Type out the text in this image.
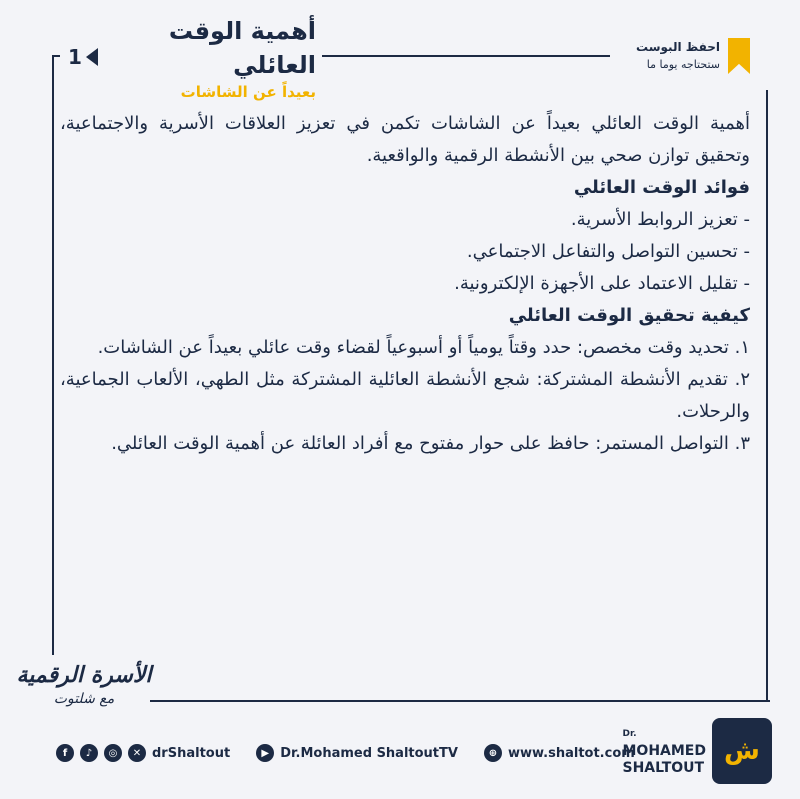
1
أهمية الوقت العائلي
بعيداً عن الشاشات
احفظ البوست
ستحتاجه يوما ما

أهمية الوقت العائلي بعيداً عن الشاشات تكمن في تعزيز العلاقات الأسرية والاجتماعية، وتحقيق توازن صحي بين الأنشطة الرقمية والواقعية.

فوائد الوقت العائلي

- تعزيز الروابط الأسرية.

- تحسين التواصل والتفاعل الاجتماعي.

- تقليل الاعتماد على الأجهزة الإلكترونية.

كيفية تحقيق الوقت العائلي

١. تحديد وقت مخصص: حدد وقتاً يومياً أو أسبوعياً لقضاء وقت عائلي بعيداً عن الشاشات.

٢. تقديم الأنشطة المشتركة: شجع الأنشطة العائلية المشتركة مثل الطهي، الألعاب الجماعية، والرحلات.

٣. التواصل المستمر: حافظ على حوار مفتوح مع أفراد العائلة عن أهمية الوقت العائلي.

الأسرة الرقمية
مع شلتوت
f	♪	◎	✕ drShaltout	▶ Dr.Mohamed ShaltoutTV	⊕ www.shaltot.com
Dr.
MOHAMED
SHALTOUT
ش
